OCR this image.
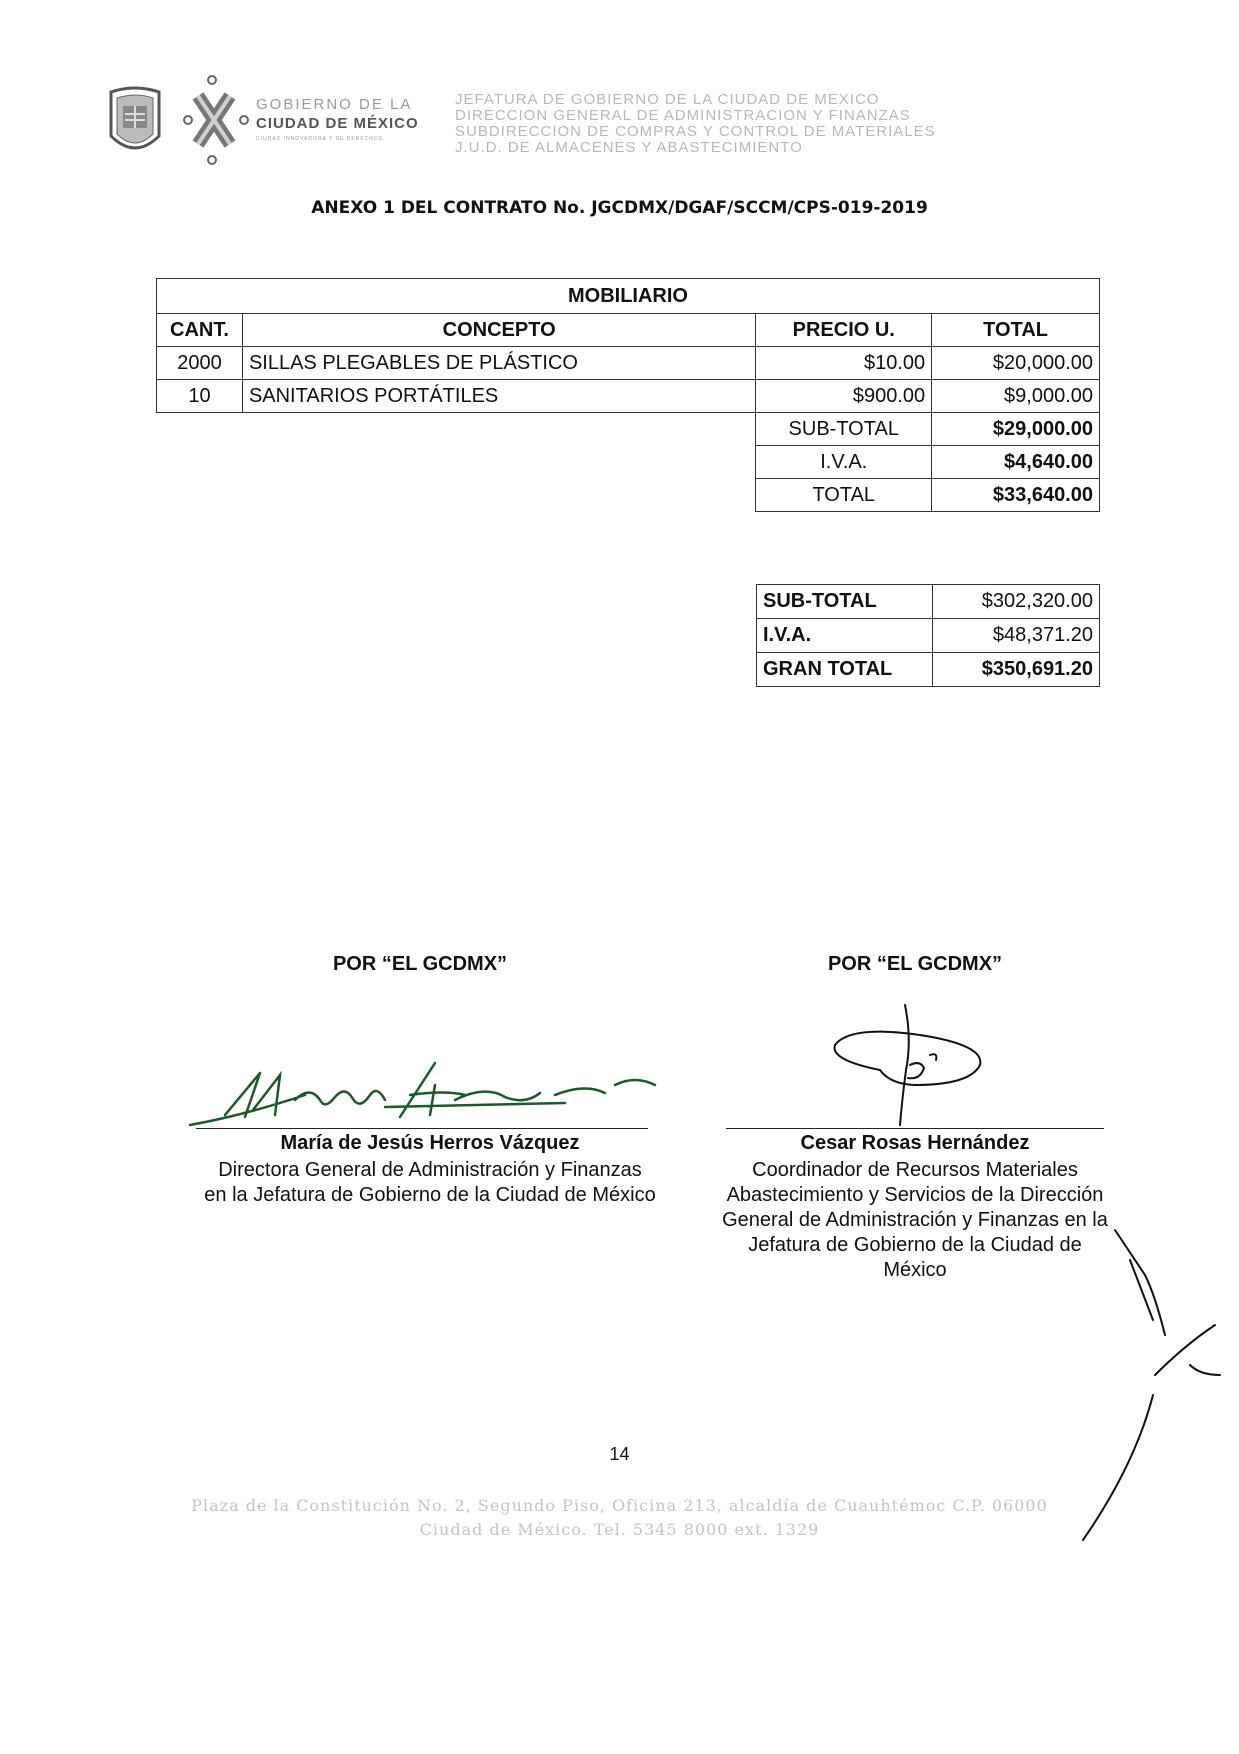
GOBIERNO DE LA
CIUDAD DE MÉXICO
CIUDAD INNOVADORA Y DE DERECHOS
JEFATURA DE GOBIERNO DE LA CIUDAD DE MEXICO
DIRECCION GENERAL DE ADMINISTRACION Y FINANZAS
SUBDIRECCION DE COMPRAS Y CONTROL DE MATERIALES
J.U.D. DE ALMACENES Y ABASTECIMIENTO
ANEXO 1 DEL CONTRATO No. JGCDMX/DGAF/SCCM/CPS-019-2019
MOBILIARIO			
CANT.	CONCEPTO	PRECIO U.	TOTAL
2000	SILLAS PLEGABLES DE PLÁSTICO	$10.00	$20,000.00
10	SANITARIOS PORTÁTILES	$900.00	$9,000.00
		SUB-TOTAL	$29,000.00
		I.V.A.	$4,640.00
		TOTAL	$33,640.00
SUB-TOTAL	$302,320.00
I.V.A.	$48,371.20
GRAN TOTAL	$350,691.20
POR “EL GCDMX”
María de Jesús Herros Vázquez
Directora General de Administración y Finanzas
en la Jefatura de Gobierno de la Ciudad de México
POR “EL GCDMX”
Cesar Rosas Hernández
Coordinador de Recursos Materiales
Abastecimiento y Servicios de la Dirección
General de Administración y Finanzas en la
Jefatura de Gobierno de la Ciudad de
México
14
Plaza de la Constitución No. 2, Segundo Piso, Oficina 213, alcaldía de Cuauhtémoc C.P. 06000
Ciudad de México. Tel. 5345 8000 ext. 1329
